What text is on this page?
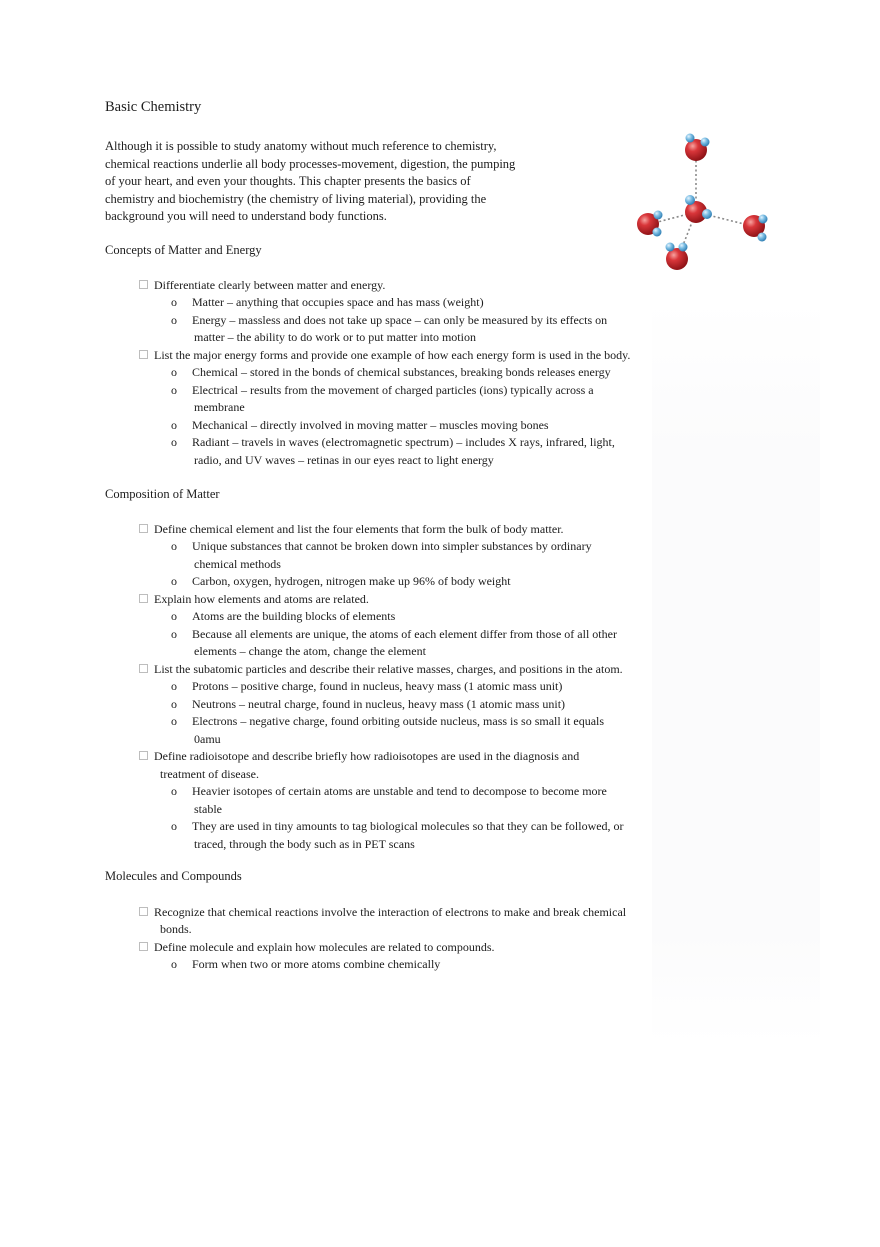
Basic Chemistry
Although it is possible to study anatomy without much reference to chemistry,
chemical reactions underlie all body processes-movement, digestion, the pumping
of your heart, and even your thoughts. This chapter presents the basics of
chemistry and biochemistry (the chemistry of living material), providing the
background you will need to understand body functions.
Concepts of Matter and Energy
Differentiate clearly between matter and energy.
o Matter – anything that occupies space and has mass (weight)
o Energy – massless and does not take up space – can only be measured by its effects on
matter – the ability to do work or to put matter into motion
List the major energy forms and provide one example of how each energy form is used in the body.
o Chemical – stored in the bonds of chemical substances, breaking bonds releases energy
o Electrical – results from the movement of charged particles (ions) typically across a
membrane
o Mechanical – directly involved in moving matter – muscles moving bones
o Radiant – travels in waves (electromagnetic spectrum) – includes X rays, infrared, light,
radio, and UV waves – retinas in our eyes react to light energy
Composition of Matter
Define chemical element and list the four elements that form the bulk of body matter.
o Unique substances that cannot be broken down into simpler substances by ordinary
chemical methods
o Carbon, oxygen, hydrogen, nitrogen make up 96% of body weight
Explain how elements and atoms are related.
o Atoms are the building blocks of elements
o Because all elements are unique, the atoms of each element differ from those of all other
elements – change the atom, change the element
List the subatomic particles and describe their relative masses, charges, and positions in the atom.
o Protons – positive charge, found in nucleus, heavy mass (1 atomic mass unit)
o Neutrons – neutral charge, found in nucleus, heavy mass (1 atomic mass unit)
o Electrons – negative charge, found orbiting outside nucleus, mass is so small it equals
0amu
Define radioisotope and describe briefly how radioisotopes are used in the diagnosis and
treatment of disease.
o Heavier isotopes of certain atoms are unstable and tend to decompose to become more
stable
o They are used in tiny amounts to tag biological molecules so that they can be followed, or
traced, through the body such as in PET scans
Molecules and Compounds
Recognize that chemical reactions involve the interaction of electrons to make and break chemical
bonds.
Define molecule and explain how molecules are related to compounds.
o Form when two or more atoms combine chemically
